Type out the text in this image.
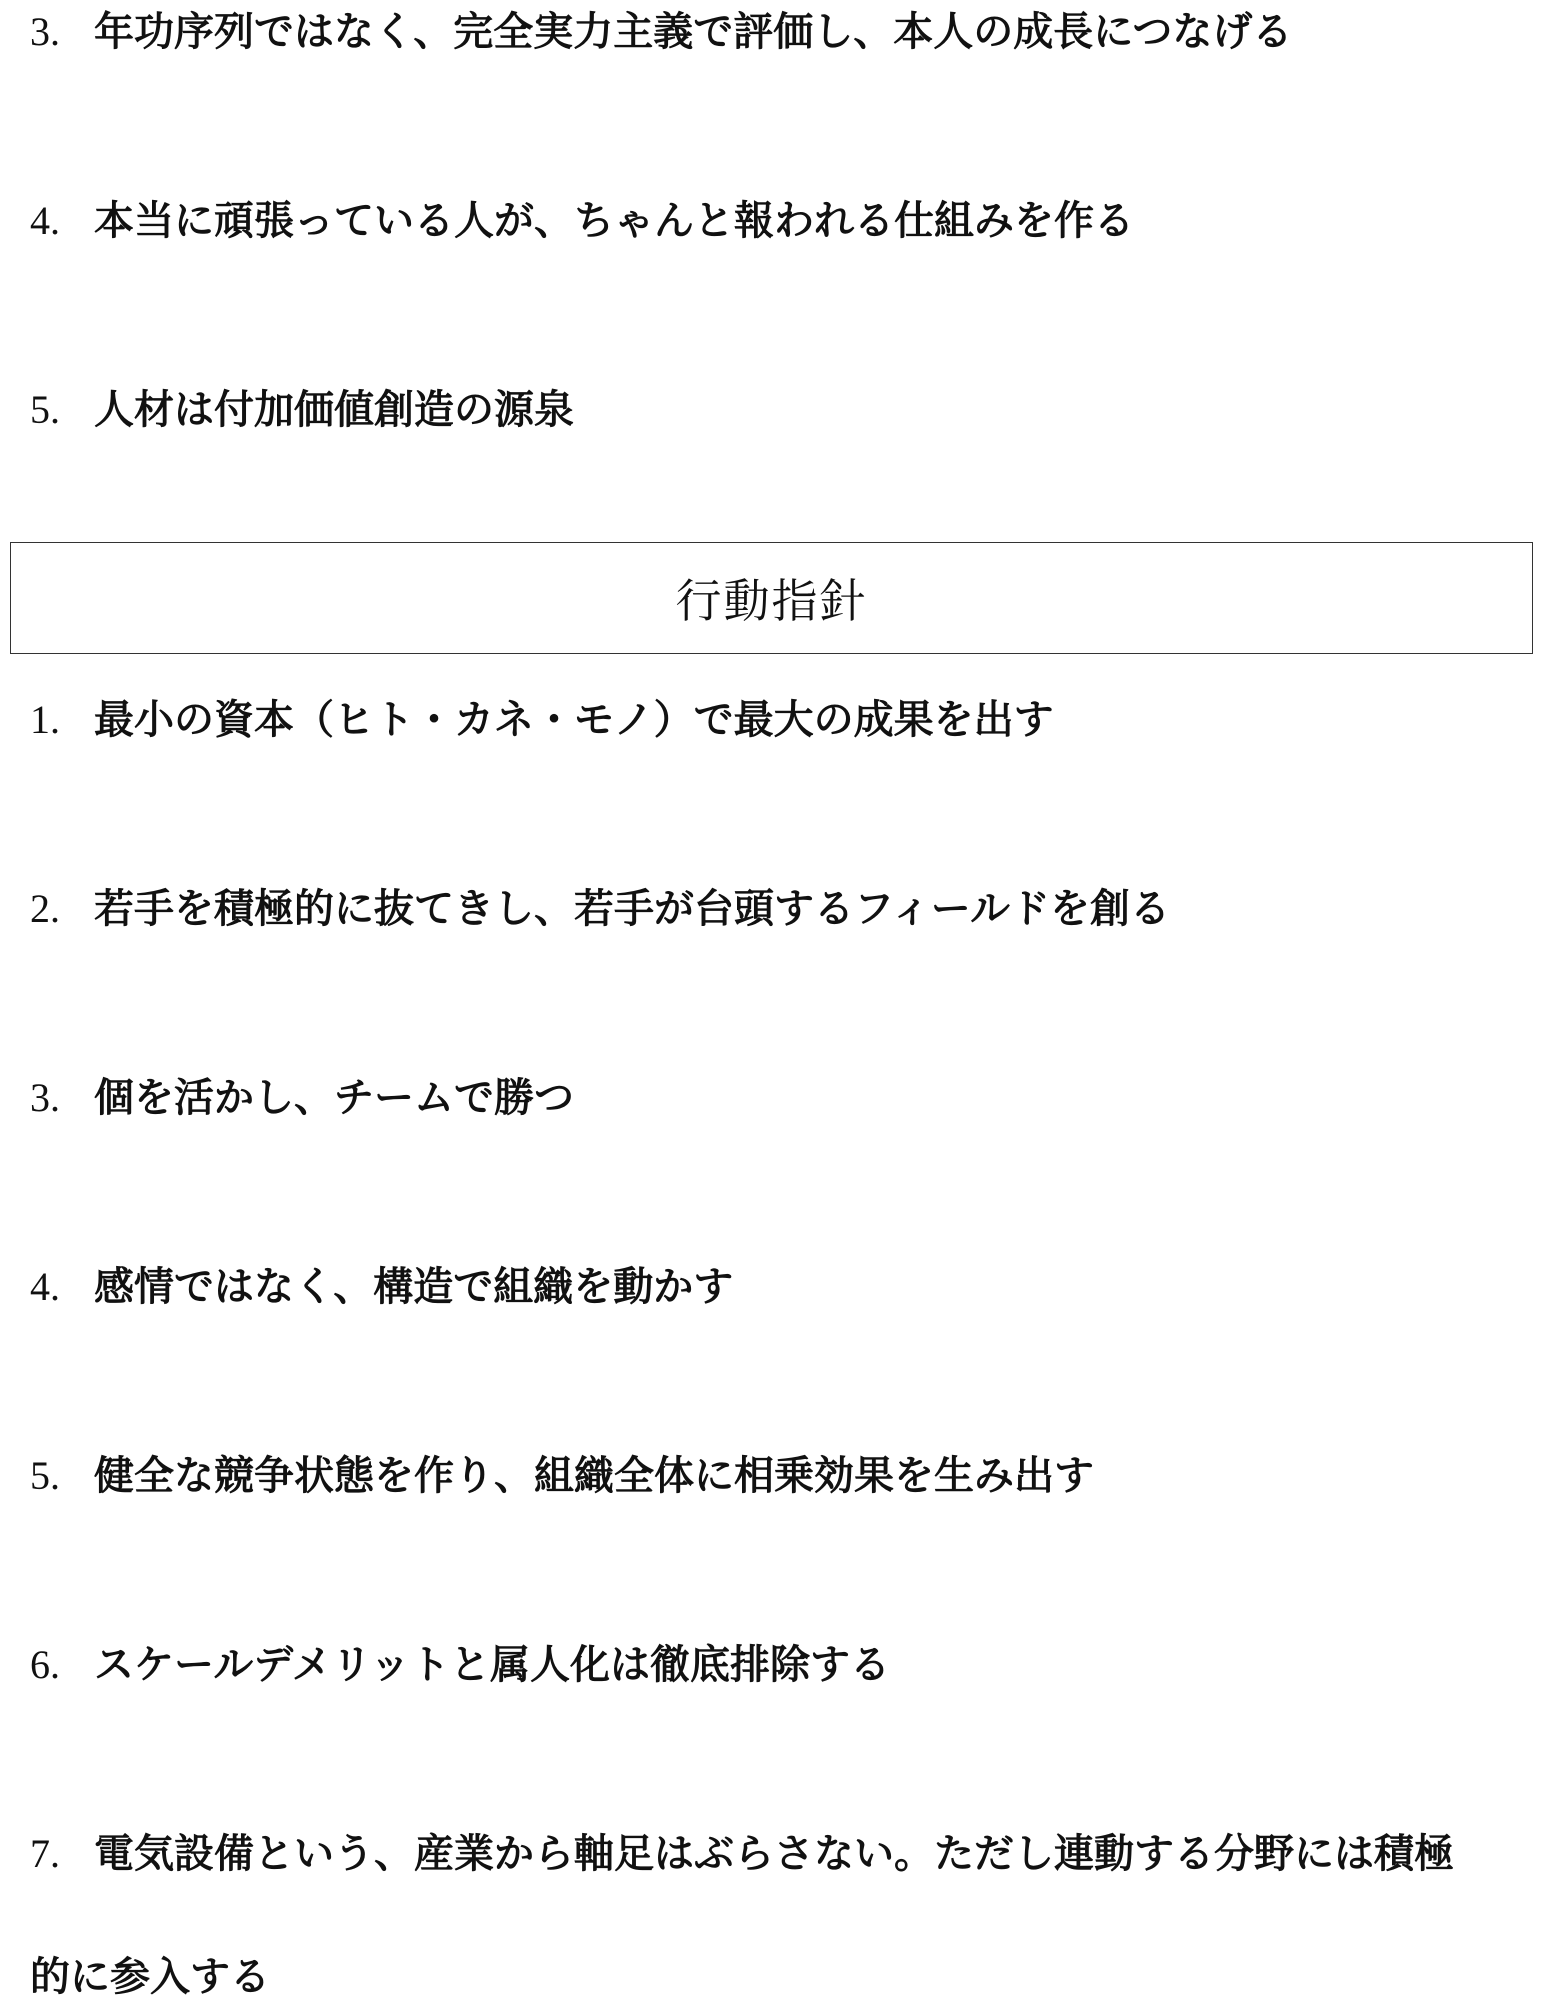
3. 年功序列ではなく、完全実力主義で評価し、本人の成長につなげる
4. 本当に頑張っている人が、ちゃんと報われる仕組みを作る
5. 人材は付加価値創造の源泉
行動指針
1. 最小の資本（ヒト・カネ・モノ）で最大の成果を出す
2. 若手を積極的に抜てきし、若手が台頭するフィールドを創る
3. 個を活かし、チームで勝つ
4. 感情ではなく、構造で組織を動かす
5. 健全な競争状態を作り、組織全体に相乗効果を生み出す
6. スケールデメリットと属人化は徹底排除する
7. 電気設備という、産業から軸足はぶらさない。ただし連動する分野には積極
的に参入する
